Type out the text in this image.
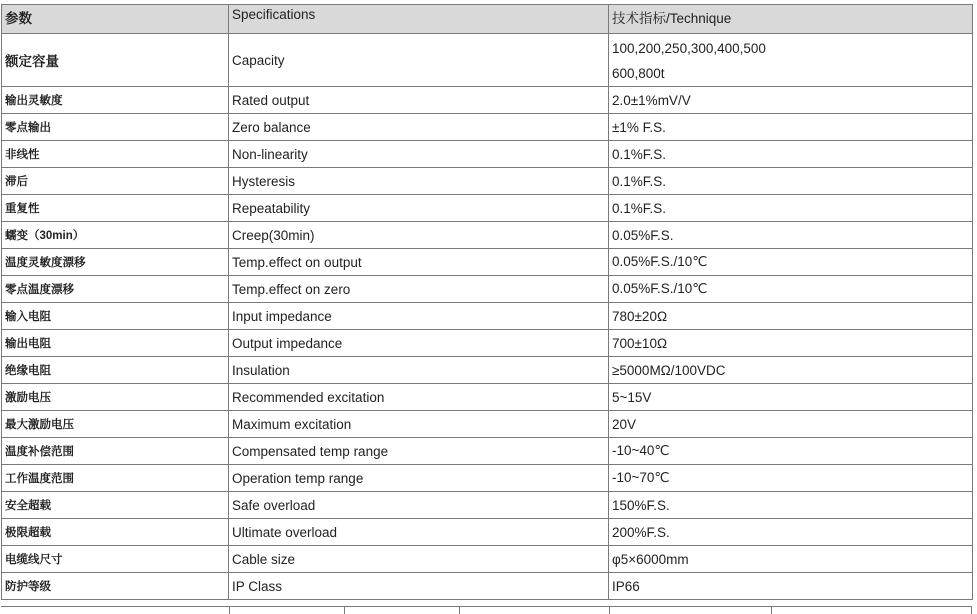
参数	Specifications	技术指标/Technique
额定容量	Capacity	100,200,250,300,400,500
600,800t

输出灵敏度	Rated output	2.0±1%mV/V
零点输出	Zero balance	±1% F.S.
非线性	Non-linearity	0.1%F.S.
滞后	Hysteresis	0.1%F.S.
重复性	Repeatability	0.1%F.S.
蠕变（30min）	Creep(30min)	0.05%F.S.
温度灵敏度漂移	Temp.effect on output	0.05%F.S./10℃
零点温度漂移	Temp.effect on zero	0.05%F.S./10℃
输入电阻	Input impedance	780±20Ω
输出电阻	Output impedance	700±10Ω
绝缘电阻	Insulation	≥5000MΩ/100VDC
激励电压	Recommended excitation	5~15V
最大激励电压	Maximum excitation	20V
温度补偿范围	Compensated temp range	-10~40℃
工作温度范围	Operation temp range	-10~70℃
安全超载	Safe overload	150%F.S.
极限超载	Ultimate overload	200%F.S.
电缆线尺寸	Cable size	φ5×6000mm
防护等级	IP Class	IP66
